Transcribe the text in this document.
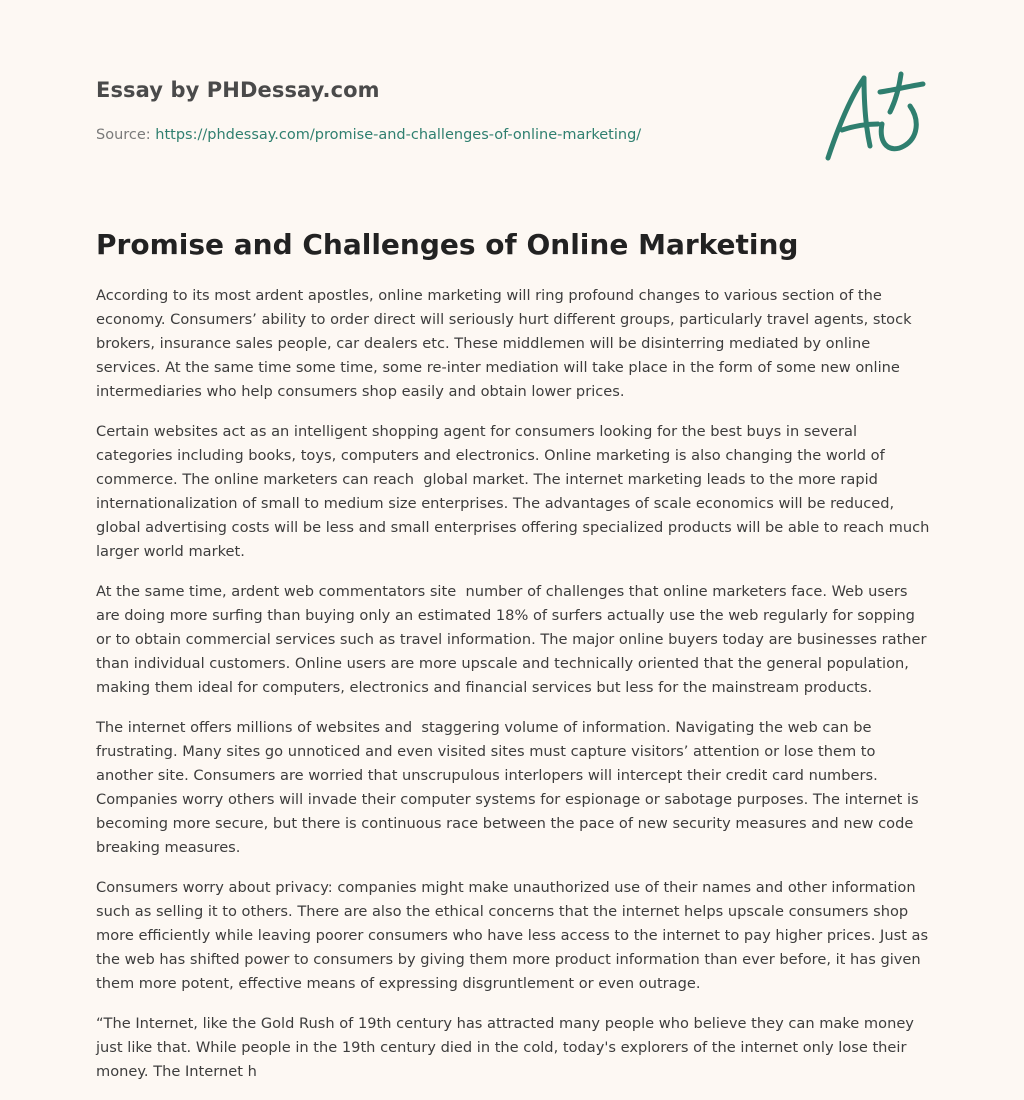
Essay by PHDessay.com
Source: https://phdessay.com/promise-and-challenges-of-online-marketing/
Promise and Challenges of Online Marketing

According to its most ardent apostles, online marketing will ring profound changes to various section of the economy. Consumers’ ability to order direct will seriously hurt different groups, particularly travel agents, stock brokers, insurance sales people, car dealers etc. These middlemen will be disinterring mediated by online services. At the same time some time, some re-inter mediation will take place in the form of some new online intermediaries who help consumers shop easily and obtain lower prices.

Certain websites act as an intelligent shopping agent for consumers looking for the best buys in several categories including books, toys, computers and electronics. Online marketing is also changing the world of commerce. The online marketers can reach  global market. The internet marketing leads to the more rapid internationalization of small to medium size enterprises. The advantages of scale economics will be reduced, global advertising costs will be less and small enterprises offering specialized products will be able to reach much larger world market.

At the same time, ardent web commentators site  number of challenges that online marketers face. Web users are doing more surfing than buying only an estimated 18% of surfers actually use the web regularly for sopping or to obtain commercial services such as travel information. The major online buyers today are businesses rather than individual customers. Online users are more upscale and technically oriented that the general population, making them ideal for computers, electronics and financial services but less for the mainstream products.

The internet offers millions of websites and  staggering volume of information. Navigating the web can be frustrating. Many sites go unnoticed and even visited sites must capture visitors’ attention or lose them to another site. Consumers are worried that unscrupulous interlopers will intercept their credit card numbers. Companies worry others will invade their computer systems for espionage or sabotage purposes. The internet is becoming more secure, but there is continuous race between the pace of new security measures and new code breaking measures.

Consumers worry about privacy: companies might make unauthorized use of their names and other information such as selling it to others. There are also the ethical concerns that the internet helps upscale consumers shop more efficiently while leaving poorer consumers who have less access to the internet to pay higher prices. Just as the web has shifted power to consumers by giving them more product information than ever before, it has given them more potent, effective means of expressing disgruntlement or even outrage.

“The Internet, like the Gold Rush of 19th century has attracted many people who believe they can make money just like that. While people in the 19th century died in the cold, today's explorers of the internet only lose their money. The Internet h
